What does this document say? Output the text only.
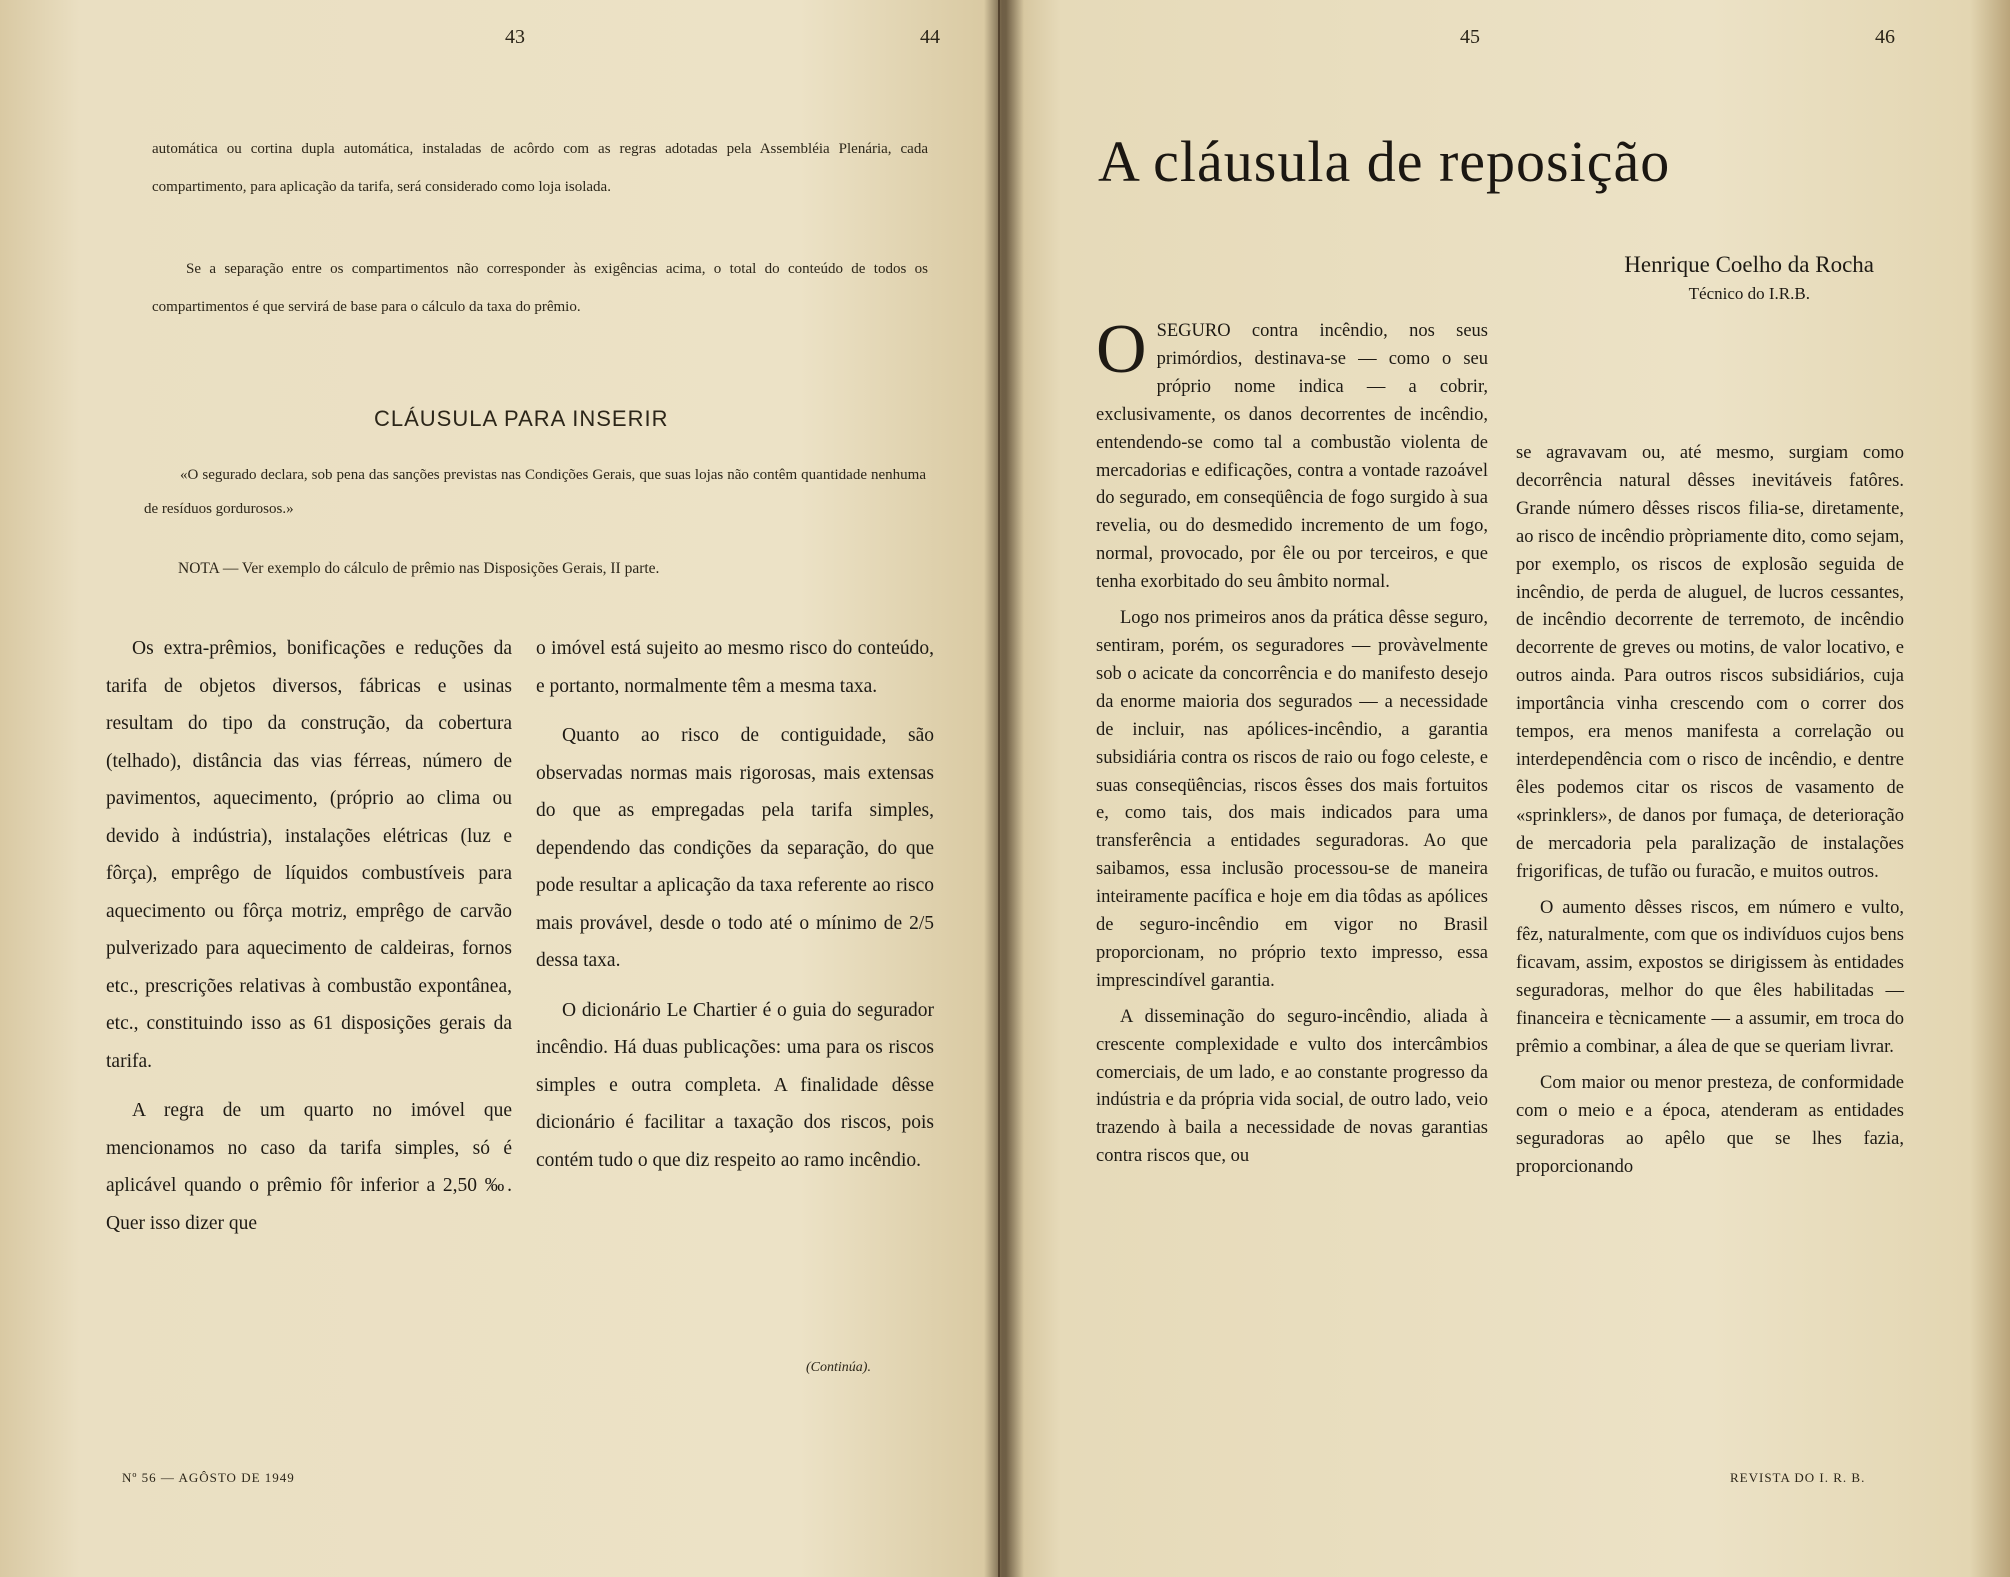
43	44
automática ou cortina dupla automática, instaladas de acôrdo com as regras adotadas pela Assembléia Plenária, cada compartimento, para aplicação da tarifa, será considerado como loja isolada.
Se a separação entre os compartimentos não corresponder às exigências acima, o total do conteúdo de todos os compartimentos é que servirá de base para o cálculo da taxa do prêmio.
CLÁUSULA PARA INSERIR
«O segurado declara, sob pena das sanções previstas nas Condições Gerais, que suas lojas não contêm quantidade nenhuma de resíduos gordurosos.»
NOTA — Ver exemplo do cálculo de prêmio nas Disposições Gerais, II parte.

Os extra-prêmios, bonificações e reduções da tarifa de objetos diversos, fábricas e usinas resultam do tipo da construção, da cobertura (telhado), distância das vias férreas, número de pavimentos, aquecimento, (próprio ao clima ou devido à indústria), instalações elétricas (luz e fôrça), emprêgo de líquidos combustíveis para aquecimento ou fôrça motriz, emprêgo de carvão pulverizado para aquecimento de caldeiras, fornos etc., prescrições relativas à combustão expontânea, etc., constituindo isso as 61 disposições gerais da tarifa.

A regra de um quarto no imóvel que mencionamos no caso da tarifa simples, só é aplicável quando o prêmio fôr inferior a 2,50 ‰. Quer isso dizer que

o imóvel está sujeito ao mesmo risco do conteúdo, e portanto, normalmente têm a mesma taxa.

Quanto ao risco de contiguidade, são observadas normas mais rigorosas, mais extensas do que as empregadas pela tarifa simples, dependendo das condições da separação, do que pode resultar a aplicação da taxa referente ao risco mais provável, desde o todo até o mínimo de 2/5 dessa taxa.

O dicionário Le Chartier é o guia do segurador incêndio. Há duas publicações: uma para os riscos simples e outra completa. A finalidade dêsse dicionário é facilitar a taxação dos riscos, pois contém tudo o que diz respeito ao ramo incêndio.

(Continúa).
Nº 56 — AGÔSTO DE 1949
45	46
A cláusula de reposição
Henrique Coelho da Rocha
Técnico do I.R.B.

OSEGURO contra incêndio, nos seus primórdios, destinava-se — como o seu próprio nome indica — a cobrir, exclusivamente, os danos decorrentes de incêndio, entendendo-se como tal a combustão violenta de mercadorias e edificações, contra a vontade razoável do segurado, em conseqüência de fogo surgido à sua revelia, ou do desmedido incremento de um fogo, normal, provocado, por êle ou por terceiros, e que tenha exorbitado do seu âmbito normal.

Logo nos primeiros anos da prática dêsse seguro, sentiram, porém, os seguradores — provàvelmente sob o acicate da concorrência e do manifesto desejo da enorme maioria dos segurados — a necessidade de incluir, nas apólices-incêndio, a garantia subsidiária contra os riscos de raio ou fogo celeste, e suas conseqüências, riscos êsses dos mais fortuitos e, como tais, dos mais indicados para uma transferência a entidades seguradoras. Ao que saibamos, essa inclusão processou-se de maneira inteiramente pacífica e hoje em dia tôdas as apólices de seguro-incêndio em vigor no Brasil proporcionam, no próprio texto impresso, essa imprescindível garantia.

A disseminação do seguro-incêndio, aliada à crescente complexidade e vulto dos intercâmbios comerciais, de um lado, e ao constante progresso da indústria e da própria vida social, de outro lado, veio trazendo à baila a necessidade de novas garantias contra riscos que, ou

se agravavam ou, até mesmo, surgiam como decorrência natural dêsses inevitáveis fatôres. Grande número dêsses riscos filia-se, diretamente, ao risco de incêndio pròpriamente dito, como sejam, por exemplo, os riscos de explosão seguida de incêndio, de perda de aluguel, de lucros cessantes, de incêndio decorrente de terremoto, de incêndio decorrente de greves ou motins, de valor locativo, e outros ainda. Para outros riscos subsidiários, cuja importância vinha crescendo com o correr dos tempos, era menos manifesta a correlação ou interdependência com o risco de incêndio, e dentre êles podemos citar os riscos de vasamento de «sprinklers», de danos por fumaça, de deterioração de mercadoria pela paralização de instalações frigorificas, de tufão ou furacão, e muitos outros.

O aumento dêsses riscos, em número e vulto, fêz, naturalmente, com que os indivíduos cujos bens ficavam, assim, expostos se dirigissem às entidades seguradoras, melhor do que êles habilitadas — financeira e tècnicamente — a assumir, em troca do prêmio a combinar, a álea de que se queriam livrar.

Com maior ou menor presteza, de conformidade com o meio e a época, atenderam as entidades seguradoras ao apêlo que se lhes fazia, proporcionando

REVISTA DO I. R. B.
